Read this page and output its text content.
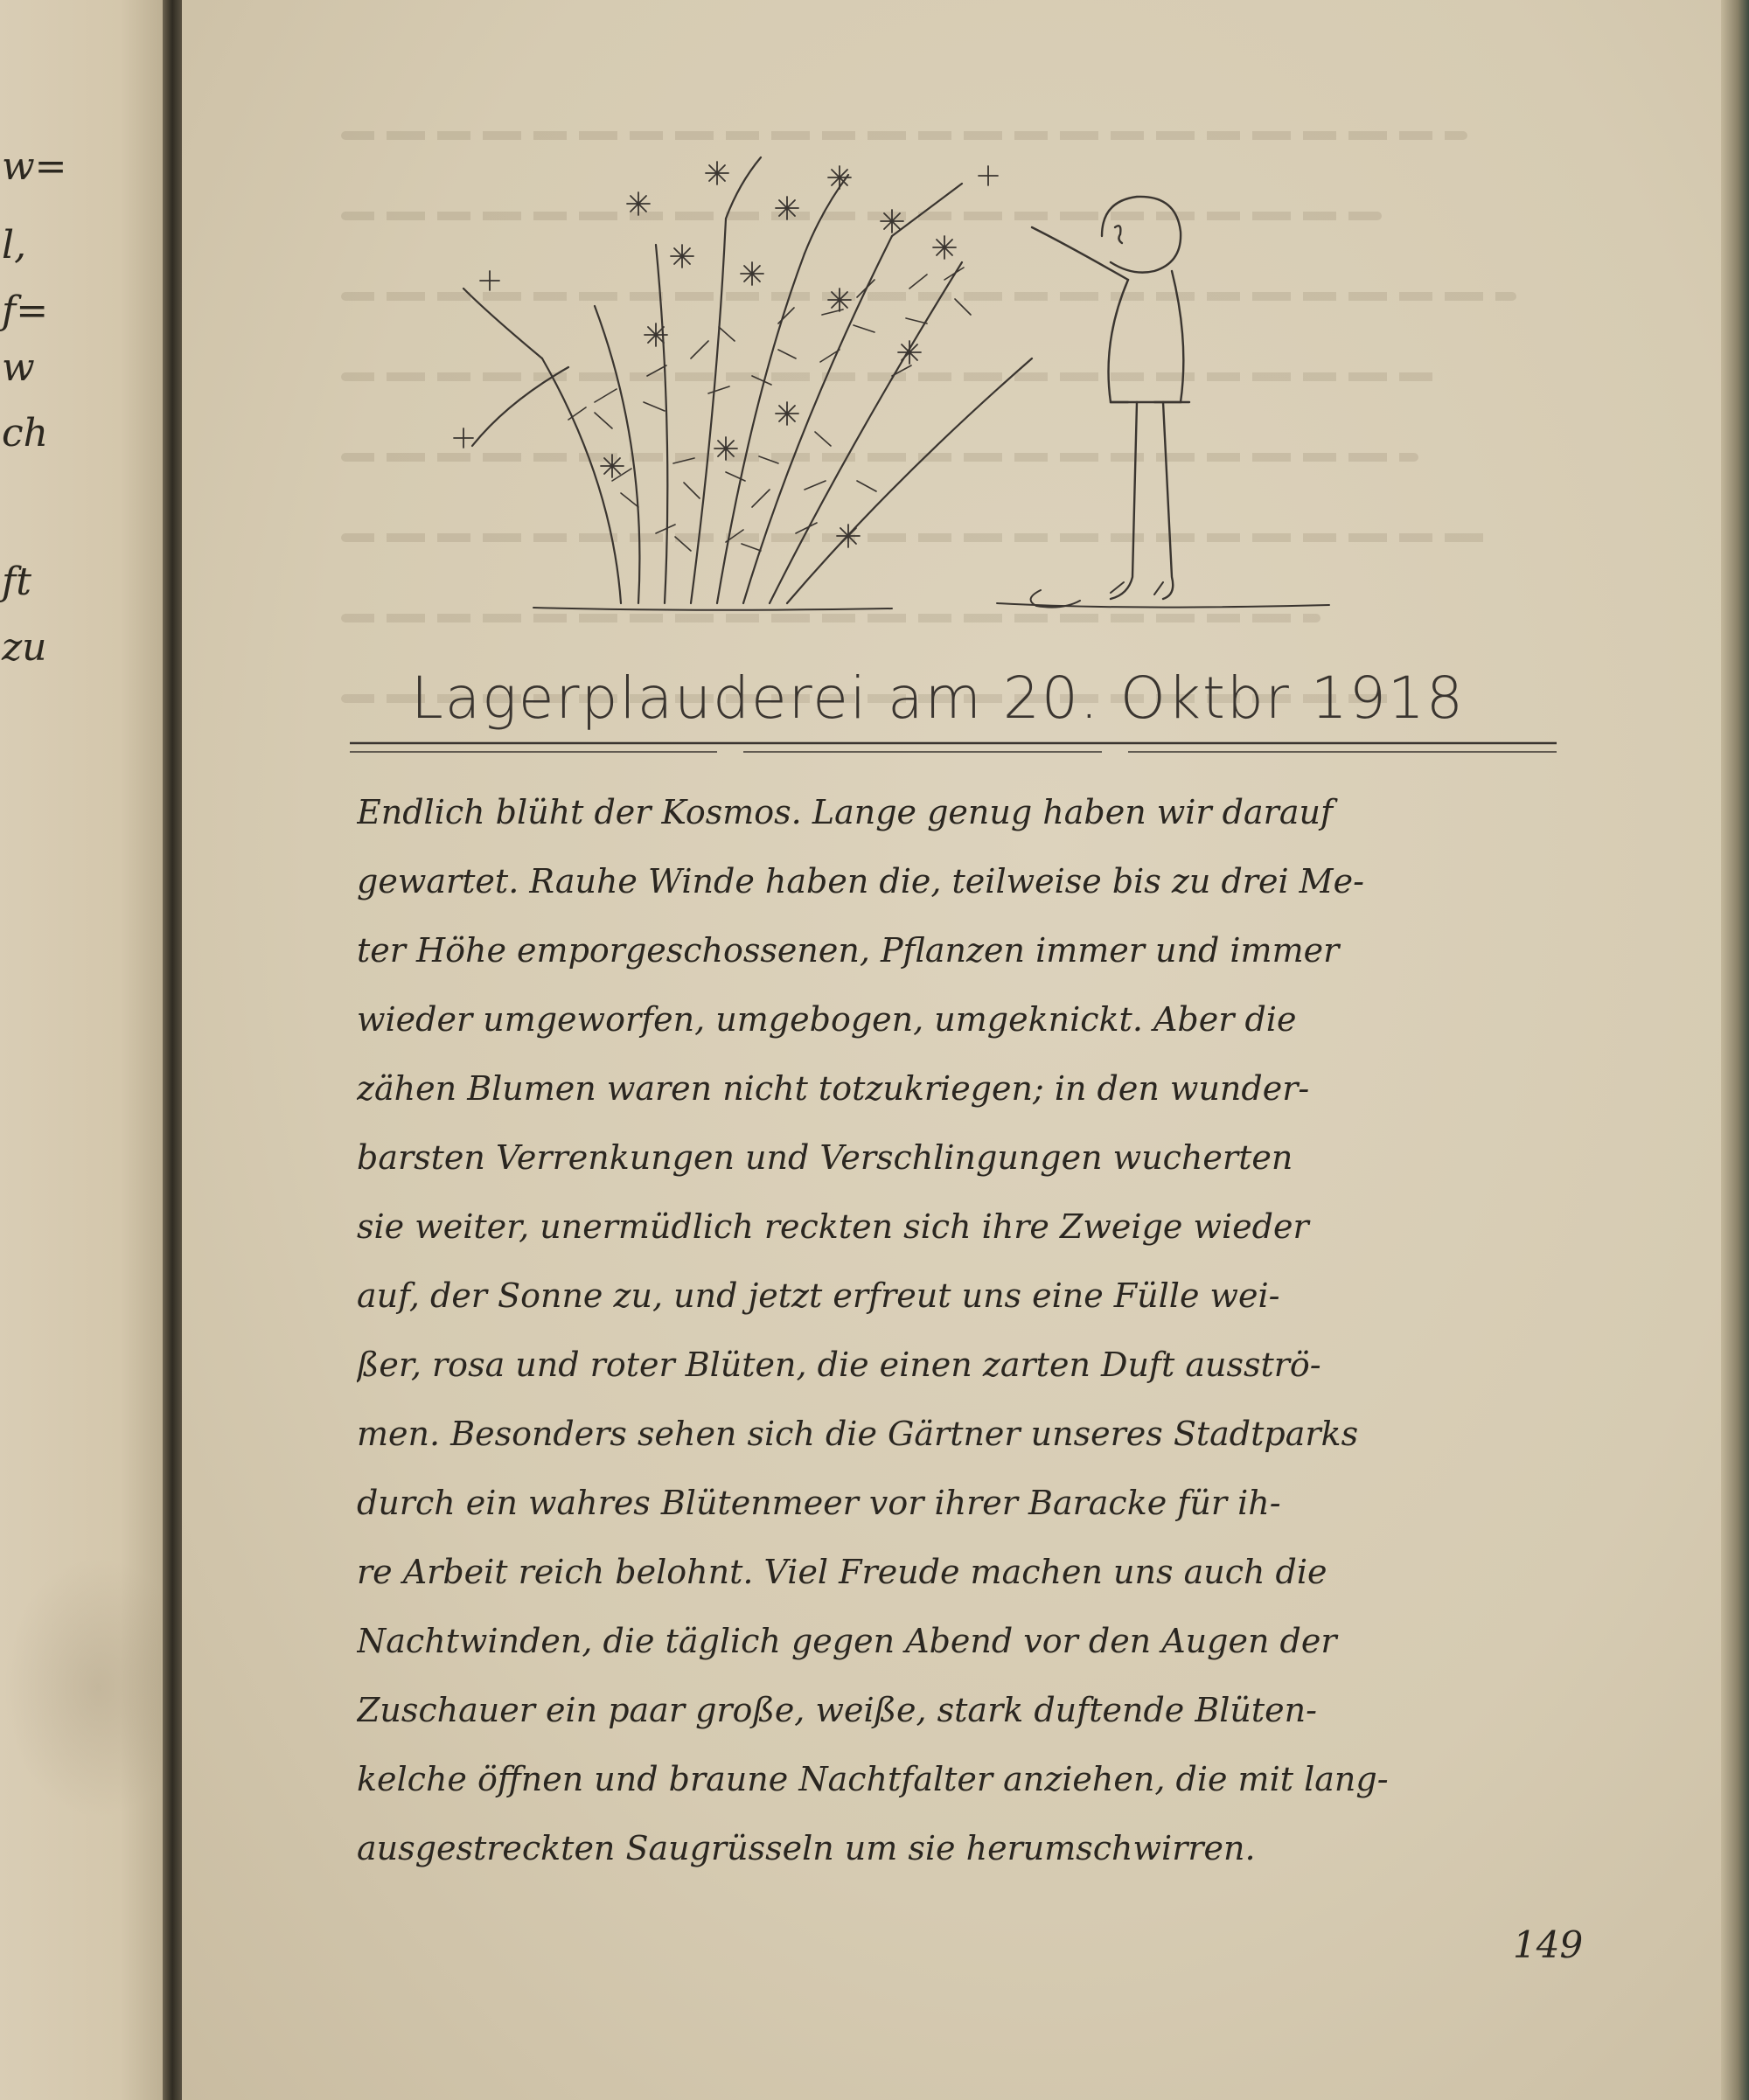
w=
l,
f=
w
ch
ft
zu
Lagerplauderei am 20. Oktbr 1918
Endlich blüht der Kosmos. Lange genug haben wir darauf
gewartet. Rauhe Winde haben die, teilweise bis zu drei Me-
ter Höhe emporgeschossenen, Pflanzen immer und immer
wieder umgeworfen, umgebogen, umgeknickt. Aber die
zähen Blumen waren nicht totzukriegen; in den wunder-
barsten Verrenkungen und Verschlingungen wucherten
sie weiter, unermüdlich reckten sich ihre Zweige wieder
auf, der Sonne zu, und jetzt erfreut uns eine Fülle wei-
ßer, rosa und roter Blüten, die einen zarten Duft ausströ-
men. Besonders sehen sich die Gärtner unseres Stadtparks
durch ein wahres Blütenmeer vor ihrer Baracke für ih-
re Arbeit reich belohnt. Viel Freude machen uns auch die
Nachtwinden, die täglich gegen Abend vor den Augen der
Zuschauer ein paar große, weiße, stark duftende Blüten-
kelche öffnen und braune Nachtfalter anziehen, die mit lang-
ausgestreckten Saugrüsseln um sie herumschwirren.
149
